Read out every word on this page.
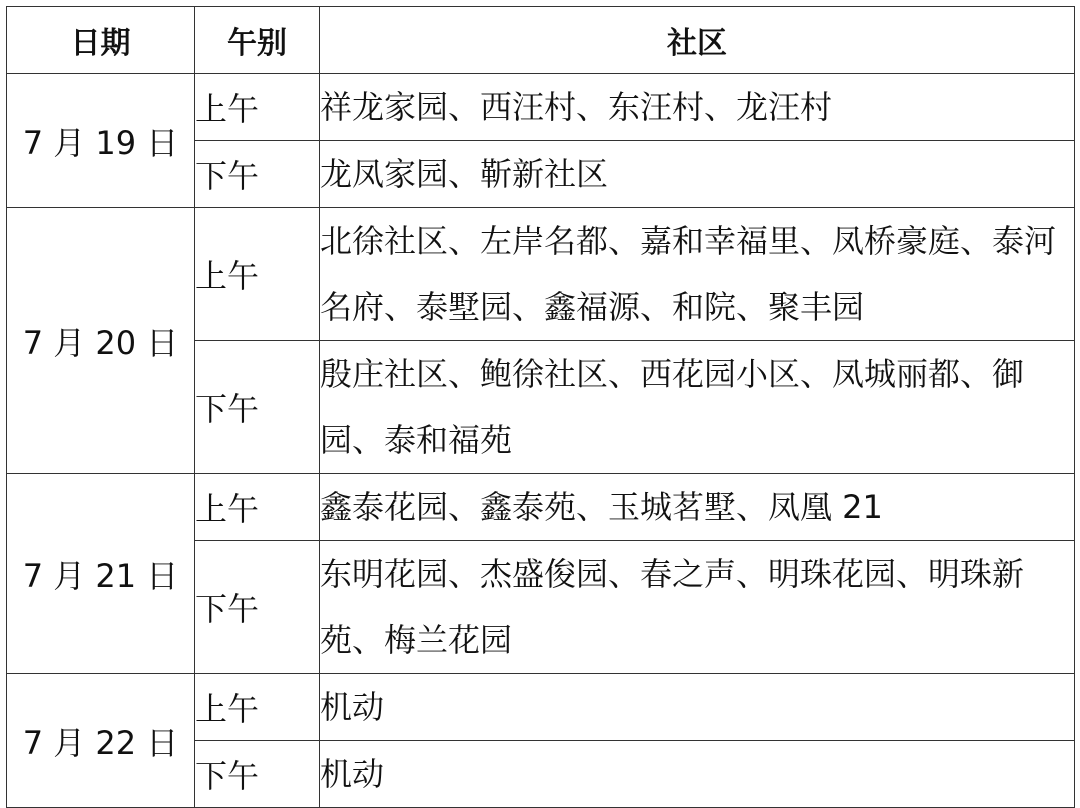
日期	午别	社区
7 月 19 日	上午	祥龙家园、西汪村、东汪村、龙汪村
	下午	龙凤家园、靳新社区
7 月 20 日	上午	北徐社区、左岸名都、嘉和幸福里、凤桥豪庭、泰河名府、泰墅园、鑫福源、和院、聚丰园
	下午	殷庄社区、鲍徐社区、西花园小区、凤城丽都、御园、泰和福苑
7 月 21 日	上午	鑫泰花园、鑫泰苑、玉城茗墅、凤凰 21
	下午	东明花园、杰盛俊园、春之声、明珠花园、明珠新苑、梅兰花园
7 月 22 日	上午	机动
	下午	机动
